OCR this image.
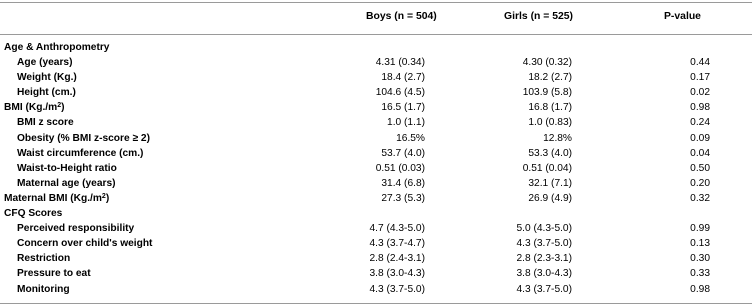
Boys (n = 504)	Girls (n = 525)	P-value
Age & Anthropometry
Age (years)	4.31 (0.34)	4.30 (0.32)	0.44
Weight (Kg.)	18.4 (2.7)	18.2 (2.7)	0.17
Height (cm.)	104.6 (4.5)	103.9 (5.8)	0.02
BMI $(Kg./m^2)$	16.5 (1.7)	16.8 (1.7)	0.98
BMI z score	1.0 (1.1)	1.0 (0.83)	0.24
Obesity (% BMI z-score ≥ 2)	16.5%	12.8%	0.09
Waist circumference (cm.)	53.7 (4.0)	53.3 (4.0)	0.04
Waist-to-Height ratio	0.51 (0.03)	0.51 (0.04)	0.50
Maternal age (years)	31.4 (6.8)	32.1 (7.1)	0.20
Maternal BMI $(Kg./m^2)$	27.3 (5.3)	26.9 (4.9)	0.32
CFQ Scores
Perceived responsibility	4.7 (4.3-5.0)	5.0 (4.3-5.0)	0.99
Concern over child's weight	4.3 (3.7-4.7)	4.3 (3.7-5.0)	0.13
Restriction	2.8 (2.4-3.1)	2.8 (2.3-3.1)	0.30
Pressure to eat	3.8 (3.0-4.3)	3.8 (3.0-4.3)	0.33
Monitoring	4.3 (3.7-5.0)	4.3 (3.7-5.0)	0.98
